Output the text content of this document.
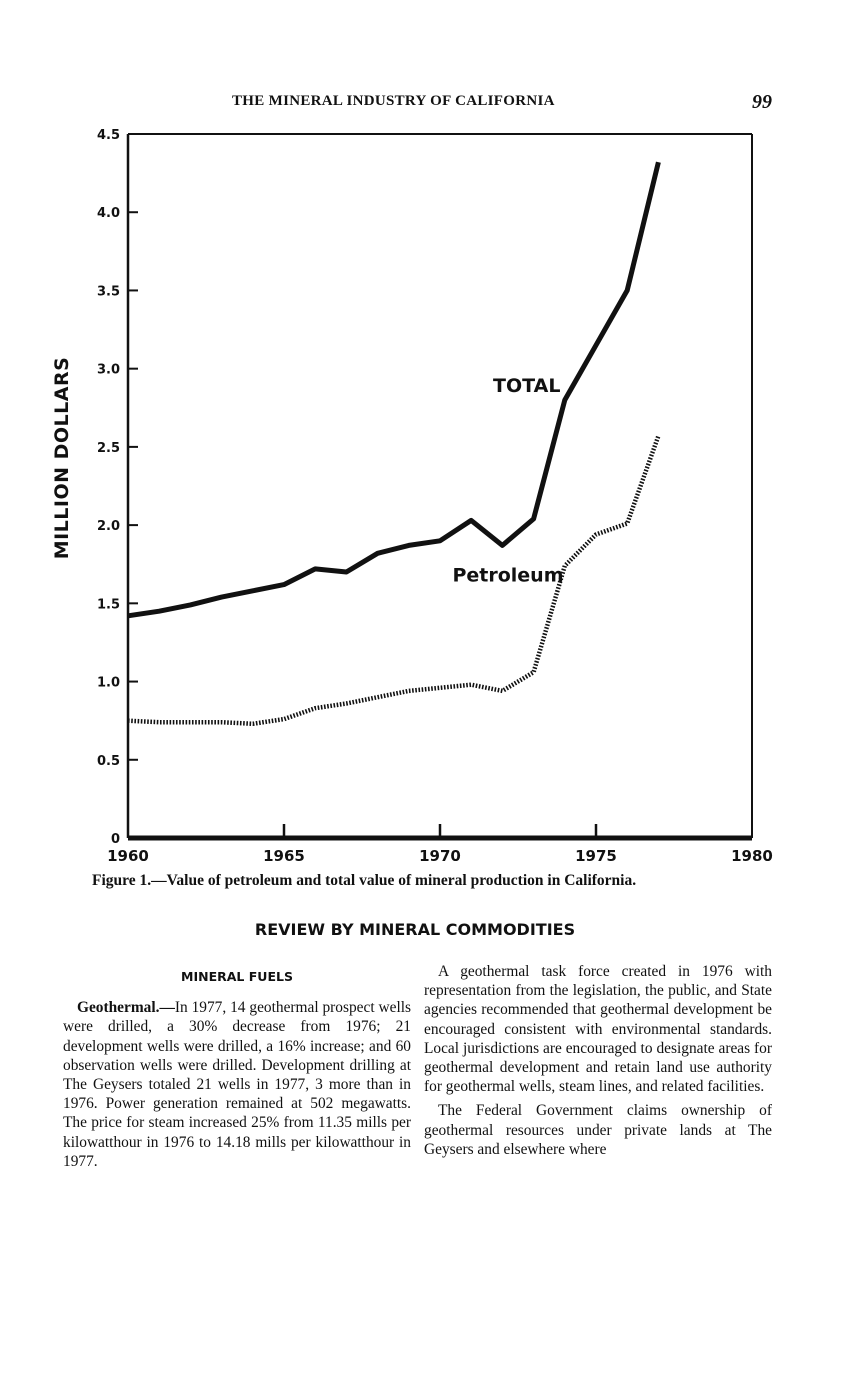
THE MINERAL INDUSTRY OF CALIFORNIA	99
MILLION DOLLARS
0
0.5
1.0
1.5
2.0
2.5
3.0
3.5
4.0
4.5
1960	1965	1970	1975	1980
TOTAL
Petroleum
Figure 1.—Value of petroleum and total value of mineral production in California.
REVIEW BY MINERAL COMMODITIES
MINERAL FUELS

Geothermal.—In 1977, 14 geothermal prospect wells were drilled, a 30% decrease from 1976; 21 development wells were drilled, a 16% increase; and 60 observation wells were drilled. Development drilling at The Geysers totaled 21 wells in 1977, 3 more than in 1976. Power generation remained at 502 megawatts. The price for steam increased 25% from 11.35 mills per kilowatthour in 1976 to 14.18 mills per kilowatthour in 1977.

A geothermal task force created in 1976 with representation from the legislation, the public, and State agencies recommended that geothermal development be encouraged consistent with environmental standards. Local jurisdictions are encouraged to designate areas for geothermal development and retain land use authority for geothermal wells, steam lines, and related facilities.

The Federal Government claims ownership of geothermal resources under private lands at The Geysers and elsewhere where
